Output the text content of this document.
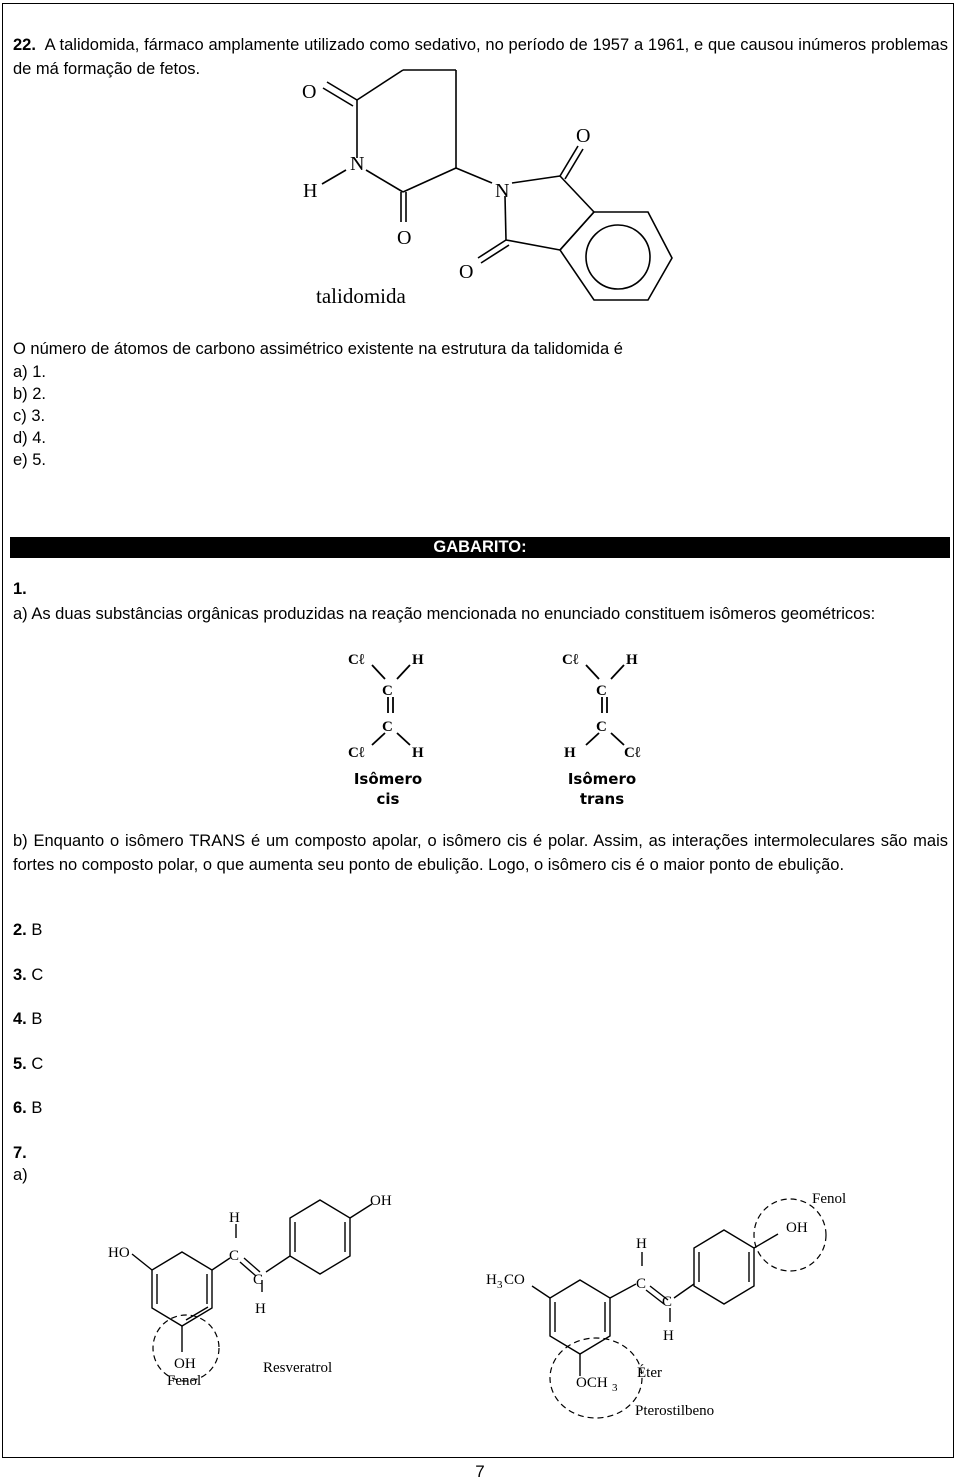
22. A talidomida, fármaco amplamente utilizado como sedativo, no período de 1957 a 1961, e que causou inúmeros problemas de má formação de fetos.
O
N
H
O
N
O
O
talidomida
O número de átomos de carbono assimétrico existente na estrutura da talidomida é
a) 1.
b) 2.
c) 3.
d) 4.
e) 5.
GABARITO:
1.
a) As duas substâncias orgânicas produzidas na reação mencionada no enunciado constituem isômeros geométricos:
Cℓ	H
C
C
Cℓ	H
Cℓ	H
C
C
H	Cℓ
Isômero
cis
Isômero
trans
b) Enquanto o isômero TRANS é um composto apolar, o isômero cis é polar. Assim, as interações intermoleculares são mais fortes no composto polar, o que aumenta seu ponto de ebulição. Logo, o isômero cis é o maior ponto de ebulição.
2. B
3. C
4. B
5. C
6. B
7.
a)
HO
H
C
C
H
OH
OH
H 3 CO
H
C
C
H
OH
OCH 3
Fenol
Resveratrol
Fenol
Éter
Pterostilbeno
7
